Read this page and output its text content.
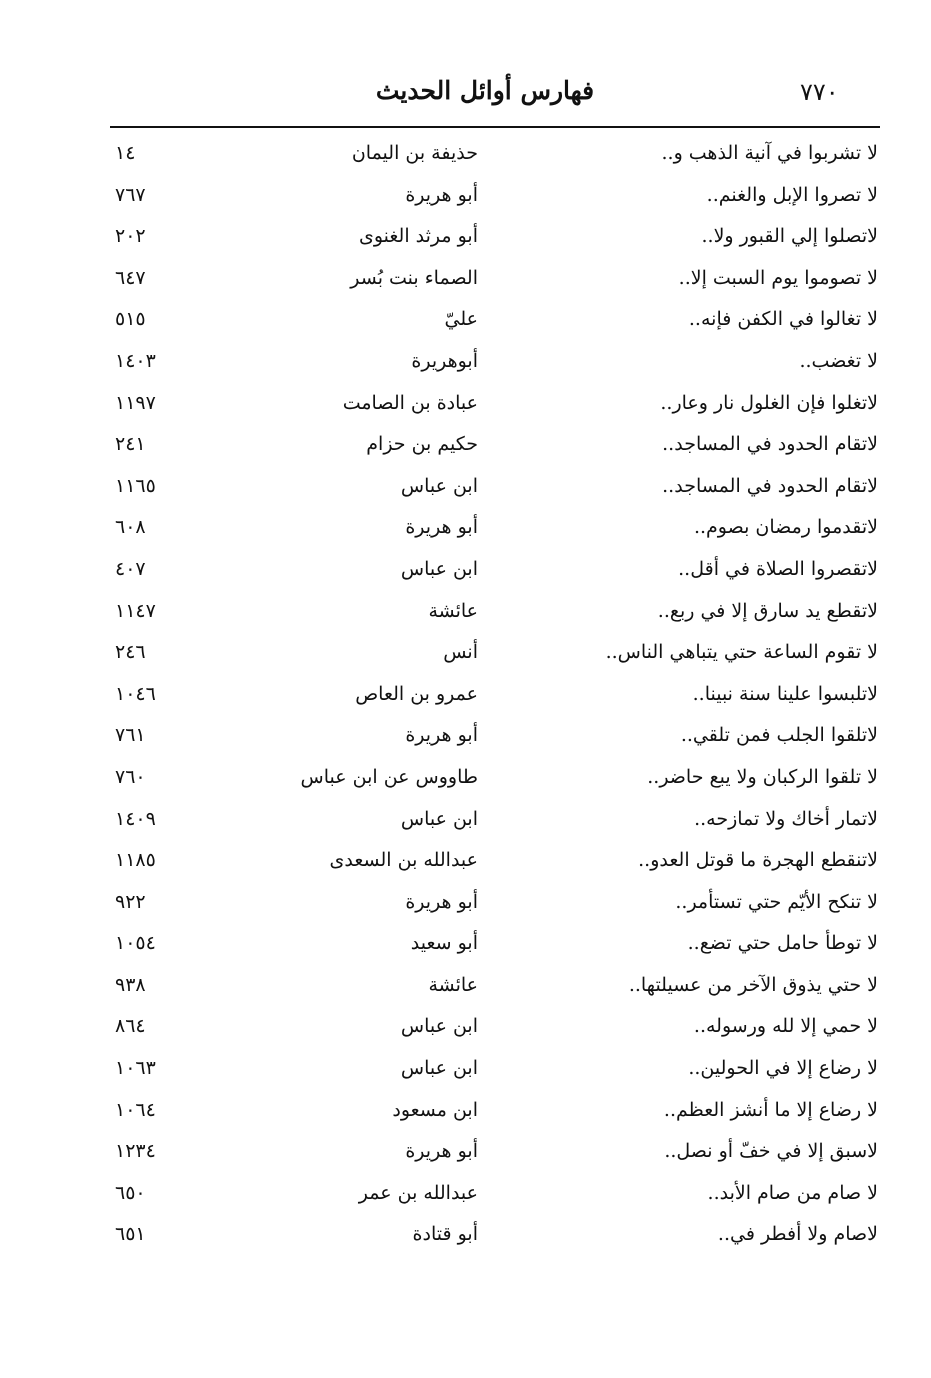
٧٧٠
فهارس أوائل الحديث
لا تشربوا في آنية الذهب و..
حذيفة بن اليمان
١٤
لا تصروا الإبل والغنم..
أبو هريرة
٧٦٧
لاتصلوا إلي القبور ولا..
أبو مرثد الغنوى
٢٠٢
لا تصوموا يوم السبت إلا..
الصماء بنت بُسر
٦٤٧
لا تغالوا في الكفن فإنه..
عليّ
٥١٥
لا تغضب..
أبوهريرة
١٤٠٣
لاتغلوا فإن الغلول نار وعار..
عبادة بن الصامت
١١٩٧
لاتقام الحدود في المساجد..
حكيم بن حزام
٢٤١
لاتقام الحدود في المساجد..
ابن عباس
١١٦٥
لاتقدموا رمضان بصوم..
أبو هريرة
٦٠٨
لاتقصروا الصلاة في أقل..
ابن عباس
٤٠٧
لاتقطع يد سارق إلا في ربع..
عائشة
١١٤٧
لا تقوم الساعة حتي يتباهي الناس..
أنس
٢٤٦
لاتلبسوا علينا سنة نبينا..
عمرو بن العاص
١٠٤٦
لاتلقوا الجلب فمن تلقي..
أبو هريرة
٧٦١
لا تلقوا الركبان ولا يبع حاضر..
طاووس عن ابن عباس
٧٦٠
لاتمار أخاك ولا تمازحه..
ابن عباس
١٤٠٩
لاتنقطع الهجرة ما قوتل العدو..
عبدالله بن السعدى
١١٨٥
لا تنكح الأيّم حتي تستأمر..
أبو هريرة
٩٢٢
لا توطأ حامل حتي تضع..
أبو سعيد
١٠٥٤
لا حتي يذوق الآخر من عسيلتها..
عائشة
٩٣٨
لا حمي إلا لله ورسوله..
ابن عباس
٨٦٤
لا رضاع إلا في الحولين..
ابن عباس
١٠٦٣
لا رضاع إلا ما أنشز العظم..
ابن مسعود
١٠٦٤
لاسبق إلا في خفّ أو نصل..
أبو هريرة
١٢٣٤
لا صام من صام الأبد..
عبدالله بن عمر
٦٥٠
لاصام ولا أفطر في..
أبو قتادة
٦٥١
